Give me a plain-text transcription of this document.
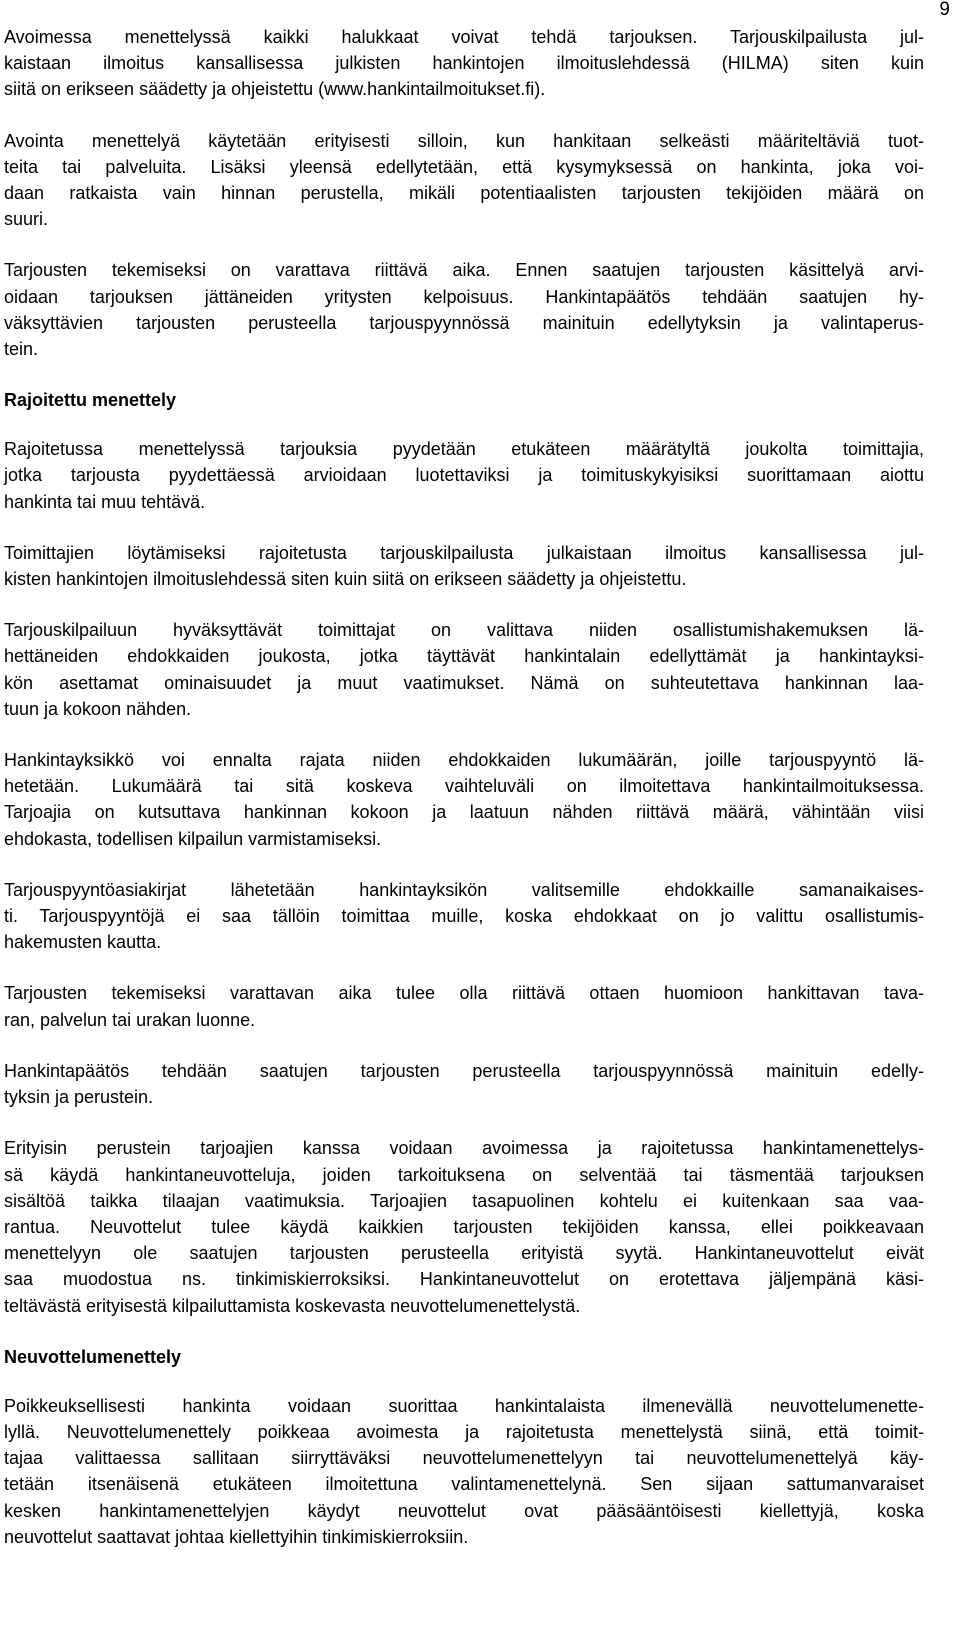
9

Avoimessa menettelyssä kaikki halukkaat voivat tehdä tarjouksen. Tarjouskilpailusta jul-
kaistaan ilmoitus kansallisessa julkisten hankintojen ilmoituslehdessä (HILMA) siten kuin
siitä on erikseen säädetty ja ohjeistettu (www.hankintailmoitukset.fi).

Avointa menettelyä käytetään erityisesti silloin, kun hankitaan selkeästi määriteltäviä tuot-
teita tai palveluita. Lisäksi yleensä edellytetään, että kysymyksessä on hankinta, joka voi-
daan ratkaista vain hinnan perustella, mikäli potentiaalisten tarjousten tekijöiden määrä on
suuri.

Tarjousten tekemiseksi on varattava riittävä aika. Ennen saatujen tarjousten käsittelyä arvi-
oidaan tarjouksen jättäneiden yritysten kelpoisuus. Hankintapäätös tehdään saatujen hy-
väksyttävien tarjousten perusteella tarjouspyynnössä mainituin edellytyksin ja valintaperus-
tein.

Rajoitettu menettely

Rajoitetussa menettelyssä tarjouksia pyydetään etukäteen määrätyltä joukolta toimittajia,
jotka tarjousta pyydettäessä arvioidaan luotettaviksi ja toimituskykyisiksi suorittamaan aiottu
hankinta tai muu tehtävä.

Toimittajien löytämiseksi rajoitetusta tarjouskilpailusta julkaistaan ilmoitus kansallisessa jul-
kisten hankintojen ilmoituslehdessä siten kuin siitä on erikseen säädetty ja ohjeistettu.

Tarjouskilpailuun hyväksyttävät toimittajat on valittava niiden osallistumishakemuksen lä-
hettäneiden ehdokkaiden joukosta, jotka täyttävät hankintalain edellyttämät ja hankintayksi-
kön asettamat ominaisuudet ja muut vaatimukset. Nämä on suhteutettava hankinnan laa-
tuun ja kokoon nähden.

Hankintayksikkö voi ennalta rajata niiden ehdokkaiden lukumäärän, joille tarjouspyyntö lä-
hetetään. Lukumäärä tai sitä koskeva vaihteluväli on ilmoitettava hankintailmoituksessa.
Tarjoajia on kutsuttava hankinnan kokoon ja laatuun nähden riittävä määrä, vähintään viisi
ehdokasta, todellisen kilpailun varmistamiseksi.

Tarjouspyyntöasiakirjat lähetetään hankintayksikön valitsemille ehdokkaille samanaikaises-
ti. Tarjouspyyntöjä ei saa tällöin toimittaa muille, koska ehdokkaat on jo valittu osallistumis-
hakemusten kautta.

Tarjousten tekemiseksi varattavan aika tulee olla riittävä ottaen huomioon hankittavan tava-
ran, palvelun tai urakan luonne.

Hankintapäätös tehdään saatujen tarjousten perusteella tarjouspyynnössä mainituin edelly-
tyksin ja perustein.

Erityisin perustein tarjoajien kanssa voidaan avoimessa ja rajoitetussa hankintamenettelys-
sä käydä hankintaneuvotteluja, joiden tarkoituksena on selventää tai täsmentää tarjouksen
sisältöä taikka tilaajan vaatimuksia. Tarjoajien tasapuolinen kohtelu ei kuitenkaan saa vaa-
rantua. Neuvottelut tulee käydä kaikkien tarjousten tekijöiden kanssa, ellei poikkeavaan
menettelyyn ole saatujen tarjousten perusteella erityistä syytä. Hankintaneuvottelut eivät
saa muodostua ns. tinkimiskierroksiksi. Hankintaneuvottelut on erotettava jäljempänä käsi-
teltävästä erityisestä kilpailuttamista koskevasta neuvottelumenettelystä.

Neuvottelumenettely

Poikkeuksellisesti hankinta voidaan suorittaa hankintalaista ilmenevällä neuvottelumenette-
lyllä. Neuvottelumenettely poikkeaa avoimesta ja rajoitetusta menettelystä siinä, että toimit-
tajaa valittaessa sallitaan siirryttäväksi neuvottelumenettelyyn tai neuvottelumenettelyä käy-
tetään itsenäisenä etukäteen ilmoitettuna valintamenettelynä. Sen sijaan sattumanvaraiset
kesken hankintamenettelyjen käydyt neuvottelut ovat pääsääntöisesti kiellettyjä, koska
neuvottelut saattavat johtaa kiellettyihin tinkimiskierroksiin.
